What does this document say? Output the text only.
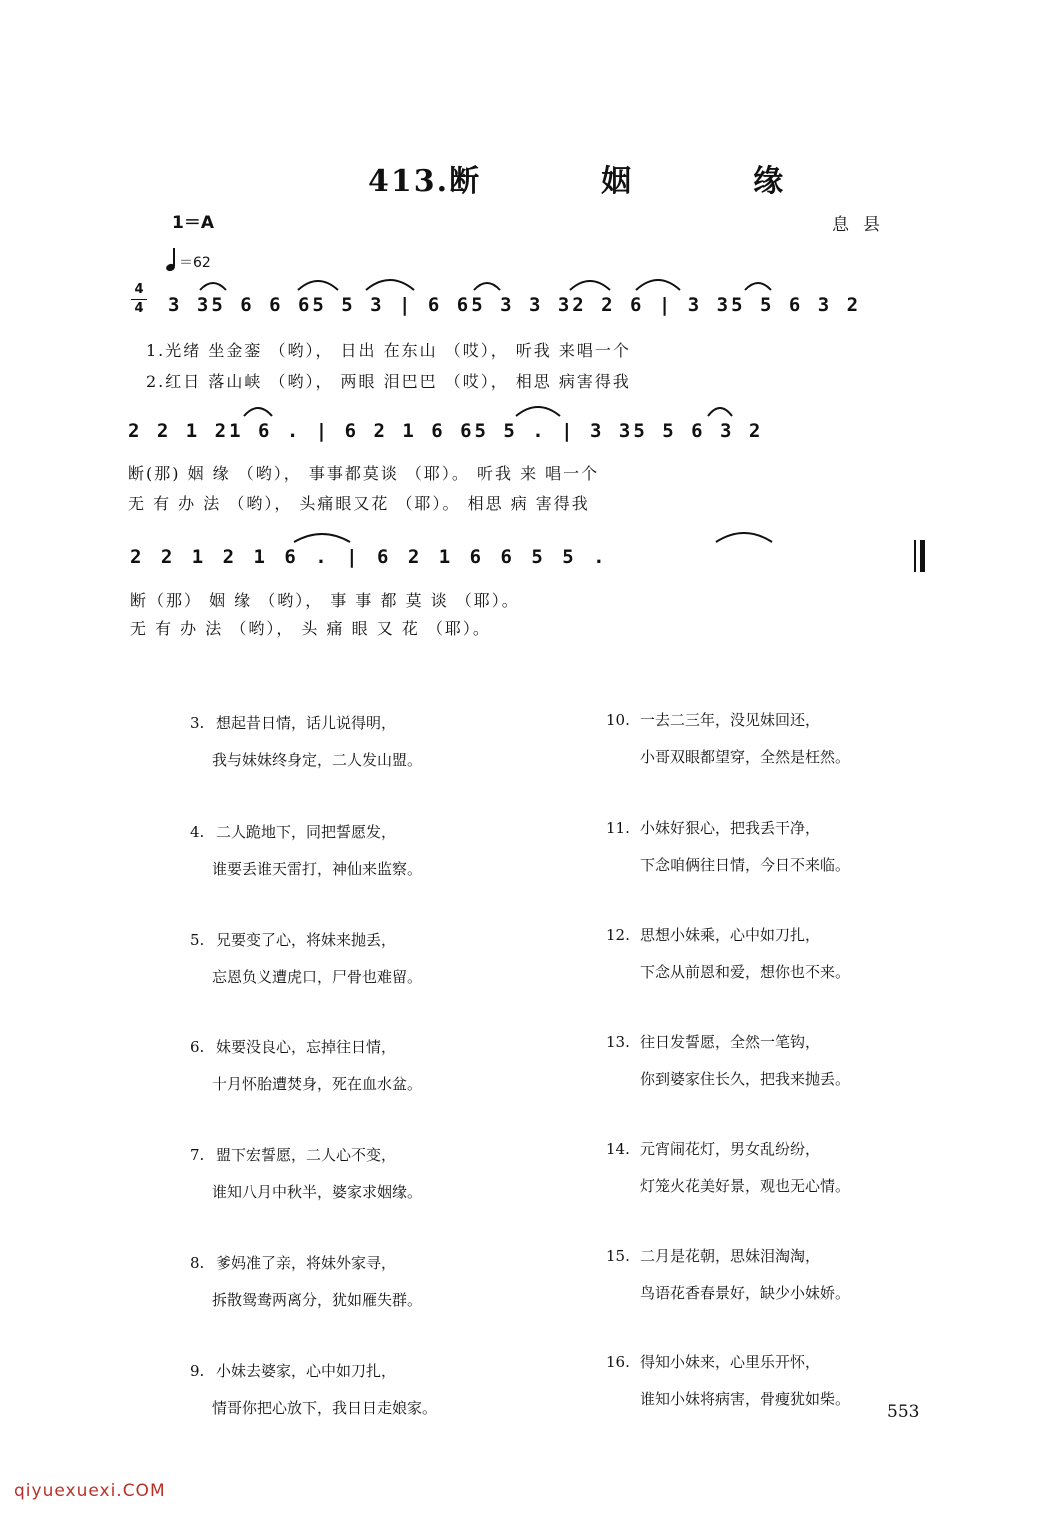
413.断　姻　缘
1＝A	息县
＝62
4
4 3 35 6 6 65 5 3 | 6 65 3 3 32 2 6 | 3 35 5 6 3 2
1.光绪 坐金銮 （哟）， 日出 在东山 （哎）， 听我 来唱一个
2.红日 落山峡 （哟）， 两眼 泪巴巴 （哎）， 相思 病害得我
2 2 1 21 6 . | 6 2 1 6 65 5 . | 3 35 5 6 3 2
断(那) 姻 缘 （哟）， 事事都莫谈 （耶）。 听我 来 唱一个
无 有 办 法 （哟）， 头痛眼又花 （耶）。 相思 病 害得我
2 2 1 2 1 6 . | 6 2 1 6 6 5 5 .
断（那） 姻 缘 （哟）， 事 事 都 莫 谈 （耶）。
无 有 办 法 （哟）， 头 痛 眼 又 花 （耶）。
3. 想起昔日情，话儿说得明，
我与妹妹终身定，二人发山盟。
4. 二人跪地下，同把誓愿发，
谁要丢谁天雷打，神仙来监察。
5. 兄要变了心，将妹来抛丢，
忘恩负义遭虎口，尸骨也难留。
6. 妹要没良心，忘掉往日情，
十月怀胎遭焚身，死在血水盆。
7. 盟下宏誓愿，二人心不变，
谁知八月中秋半，婆家求姻缘。
8. 爹妈准了亲，将妹外家寻，
拆散鸳鸯两离分，犹如雁失群。
9. 小妹去婆家，心中如刀扎，
情哥你把心放下，我日日走娘家。
10. 一去二三年，没见妹回还，
小哥双眼都望穿，全然是枉然。
11. 小妹好狠心，把我丢干净，
下念咱俩往日情，今日不来临。
12. 思想小妹乘，心中如刀扎，
下念从前恩和爱，想你也不来。
13. 往日发誓愿，全然一笔钩，
你到婆家住长久，把我来抛丢。
14. 元宵闹花灯，男女乱纷纷，
灯笼火花美好景，观也无心情。
15. 二月是花朝，思妹泪淘淘，
鸟语花香春景好，缺少小妹娇。
16. 得知小妹来，心里乐开怀，
谁知小妹将病害，骨瘦犹如柴。
553
qiyuexuexi.COM
